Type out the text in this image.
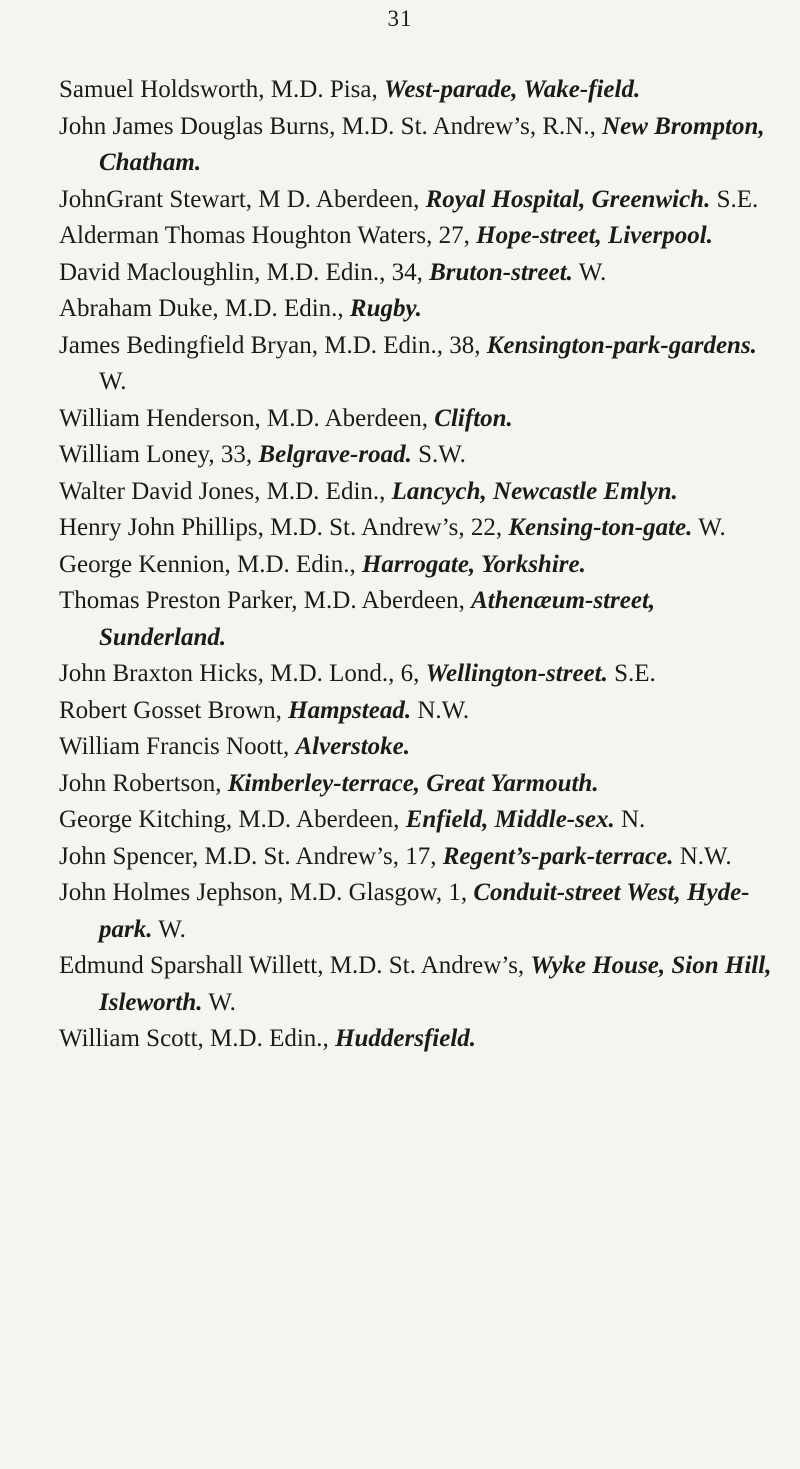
31
Samuel Holdsworth, M.D. Pisa, West-parade, Wake-field.
John James Douglas Burns, M.D. St. Andrew’s, R.N., New Brompton, Chatham.
JohnGrant Stewart, M D. Aberdeen, Royal Hospital, Greenwich. S.E.
Alderman Thomas Houghton Waters, 27, Hope-street, Liverpool.
David Macloughlin, M.D. Edin., 34, Bruton-street. W.
Abraham Duke, M.D. Edin., Rugby.
James Bedingfield Bryan, M.D. Edin., 38, Kensington-park-gardens. W.
William Henderson, M.D. Aberdeen, Clifton.
William Loney, 33, Belgrave-road. S.W.
Walter David Jones, M.D. Edin., Lancych, Newcastle Emlyn.
Henry John Phillips, M.D. St. Andrew’s, 22, Kensing-ton-gate. W.
George Kennion, M.D. Edin., Harrogate, Yorkshire.
Thomas Preston Parker, M.D. Aberdeen, Athenæum-street, Sunderland.
John Braxton Hicks, M.D. Lond., 6, Wellington-street. S.E.
Robert Gosset Brown, Hampstead. N.W.
William Francis Noott, Alverstoke.
John Robertson, Kimberley-terrace, Great Yarmouth.
George Kitching, M.D. Aberdeen, Enfield, Middle-sex. N.
John Spencer, M.D. St. Andrew’s, 17, Regent’s-park-terrace. N.W.
John Holmes Jephson, M.D. Glasgow, 1, Conduit-street West, Hyde-park. W.
Edmund Sparshall Willett, M.D. St. Andrew’s, Wyke House, Sion Hill, Isleworth. W.
William Scott, M.D. Edin., Huddersfield.
